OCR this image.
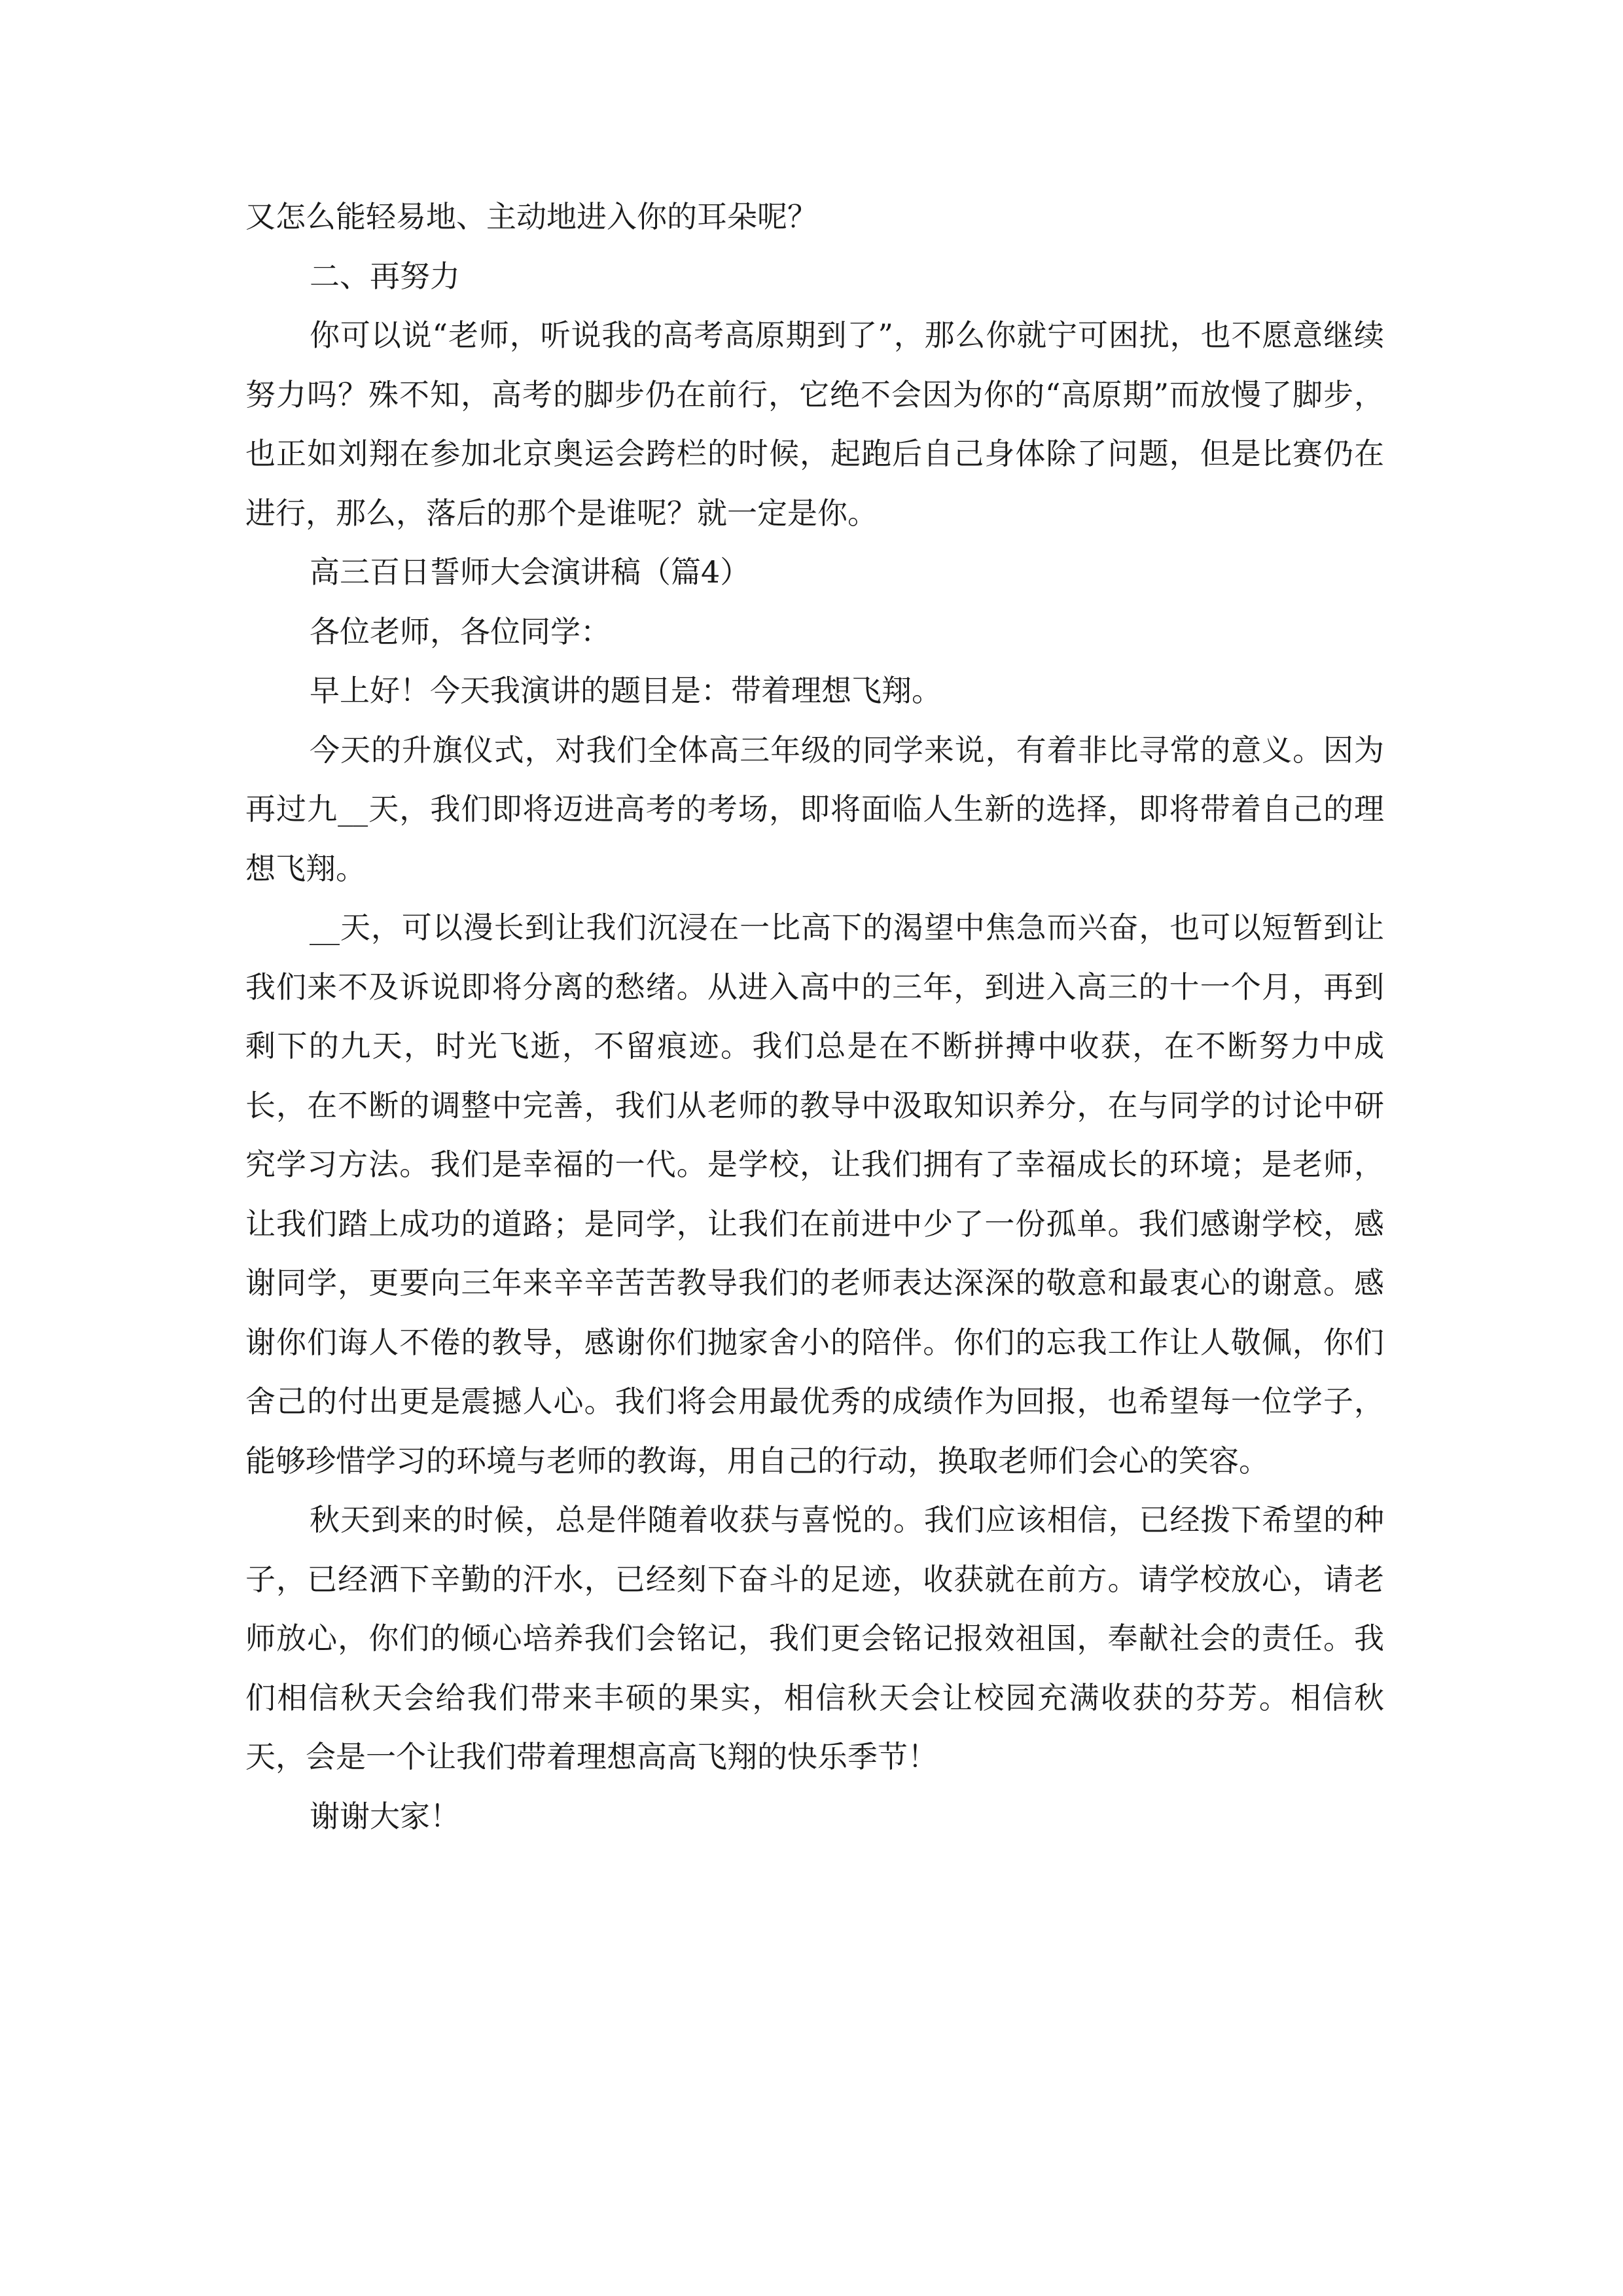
又怎么能轻易地、主动地进入你的耳朵呢？

二、再努力

你可以说“老师，听说我的高考高原期到了”，那么你就宁可困扰，也不愿意继续努力吗？殊不知，高考的脚步仍在前行，它绝不会因为你的“高原期”而放慢了脚步，也正如刘翔在参加北京奥运会跨栏的时候，起跑后自己身体除了问题，但是比赛仍在进行，那么，落后的那个是谁呢？就一定是你。

高三百日誓师大会演讲稿（篇4）

各位老师，各位同学：

早上好！今天我演讲的题目是：带着理想飞翔。

今天的升旗仪式，对我们全体高三年级的同学来说，有着非比寻常的意义。因为再过九__天，我们即将迈进高考的考场，即将面临人生新的选择，即将带着自己的理想飞翔。

__天，可以漫长到让我们沉浸在一比高下的渴望中焦急而兴奋，也可以短暂到让我们来不及诉说即将分离的愁绪。从进入高中的三年，到进入高三的十一个月，再到剩下的九天，时光飞逝，不留痕迹。我们总是在不断拼搏中收获，在不断努力中成长，在不断的调整中完善，我们从老师的教导中汲取知识养分，在与同学的讨论中研究学习方法。我们是幸福的一代。是学校，让我们拥有了幸福成长的环境；是老师，让我们踏上成功的道路；是同学，让我们在前进中少了一份孤单。我们感谢学校，感谢同学，更要向三年来辛辛苦苦教导我们的老师表达深深的敬意和最衷心的谢意。感谢你们诲人不倦的教导，感谢你们抛家舍小的陪伴。你们的忘我工作让人敬佩，你们舍己的付出更是震撼人心。我们将会用最优秀的成绩作为回报，也希望每一位学子，能够珍惜学习的环境与老师的教诲，用自己的行动，换取老师们会心的笑容。

秋天到来的时候，总是伴随着收获与喜悦的。我们应该相信，已经拨下希望的种子，已经洒下辛勤的汗水，已经刻下奋斗的足迹，收获就在前方。请学校放心，请老师放心，你们的倾心培养我们会铭记，我们更会铭记报效祖国，奉献社会的责任。我们相信秋天会给我们带来丰硕的果实，相信秋天会让校园充满收获的芬芳。相信秋天，会是一个让我们带着理想高高飞翔的快乐季节！

谢谢大家！
